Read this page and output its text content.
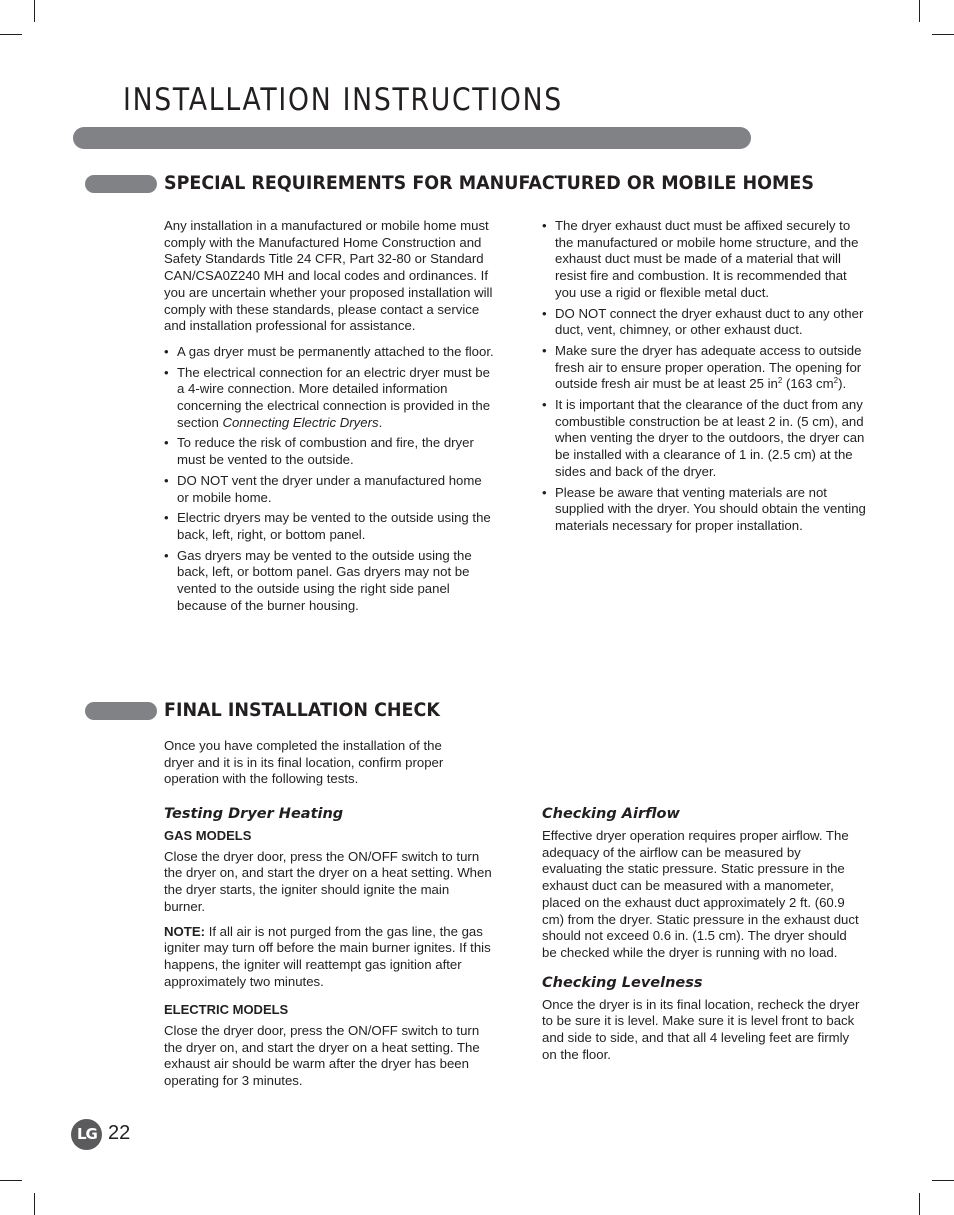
INSTALLATION INSTRUCTIONS
SPECIAL REQUIREMENTS FOR MANUFACTURED OR MOBILE HOMES

Any installation in a manufactured or mobile home must comply with the Manufactured Home Construction and Safety Standards Title 24 CFR, Part 32-80 or Standard CAN/CSA0Z240 MH and local codes and ordinances. If you are uncertain whether your proposed installation will comply with these standards, please contact a service and installation professional for assistance.

• A gas dryer must be permanently attached to the floor.
• The electrical connection for an electric dryer must be a 4-wire connection. More detailed information concerning the electrical connection is provided in the section Connecting Electric Dryers.
• To reduce the risk of combustion and fire, the dryer must be vented to the outside.
• DO NOT vent the dryer under a manufactured home or mobile home.
• Electric dryers may be vented to the outside using the back, left, right, or bottom panel.
• Gas dryers may be vented to the outside using the back, left, or bottom panel. Gas dryers may not be vented to the outside using the right side panel because of the burner housing.
• The dryer exhaust duct must be affixed securely to the manufactured or mobile home structure, and the exhaust duct must be made of a material that will resist fire and combustion. It is recommended that you use a rigid or flexible metal duct.
• DO NOT connect the dryer exhaust duct to any other duct, vent, chimney, or other exhaust duct.
• Make sure the dryer has adequate access to outside fresh air to ensure proper operation. The opening for outside fresh air must be at least 25 $in^2$ (163 $cm^2$).
• It is important that the clearance of the duct from any combustible construction be at least 2 in. (5 cm), and when venting the dryer to the outdoors, the dryer can be installed with a clearance of 1 in. (2.5 cm) at the sides and back of the dryer.
• Please be aware that venting materials are not supplied with the dryer. You should obtain the venting materials necessary for proper installation.
FINAL INSTALLATION CHECK

Once you have completed the installation of the dryer and it is in its final location, confirm proper operation with the following tests.

Testing Dryer Heating
GAS MODELS

Close the dryer door, press the ON/OFF switch to turn the dryer on, and start the dryer on a heat setting. When the dryer starts, the igniter should ignite the main burner.

NOTE: If all air is not purged from the gas line, the gas igniter may turn off before the main burner ignites. If this happens, the igniter will reattempt gas ignition after approximately two minutes.

ELECTRIC MODELS

Close the dryer door, press the ON/OFF switch to turn the dryer on, and start the dryer on a heat setting. The exhaust air should be warm after the dryer has been operating for 3 minutes.

Checking Airflow

Effective dryer operation requires proper airflow. The adequacy of the airflow can be measured by evaluating the static pressure. Static pressure in the exhaust duct can be measured with a manometer, placed on the exhaust duct approximately 2 ft. (60.9 cm) from the dryer. Static pressure in the exhaust duct should not exceed 0.6 in. (1.5 cm). The dryer should be checked while the dryer is running with no load.

Checking Levelness

Once the dryer is in its final location, recheck the dryer to be sure it is level. Make sure it is level front to back and side to side, and that all 4 leveling feet are firmly on the floor.

LG 22
